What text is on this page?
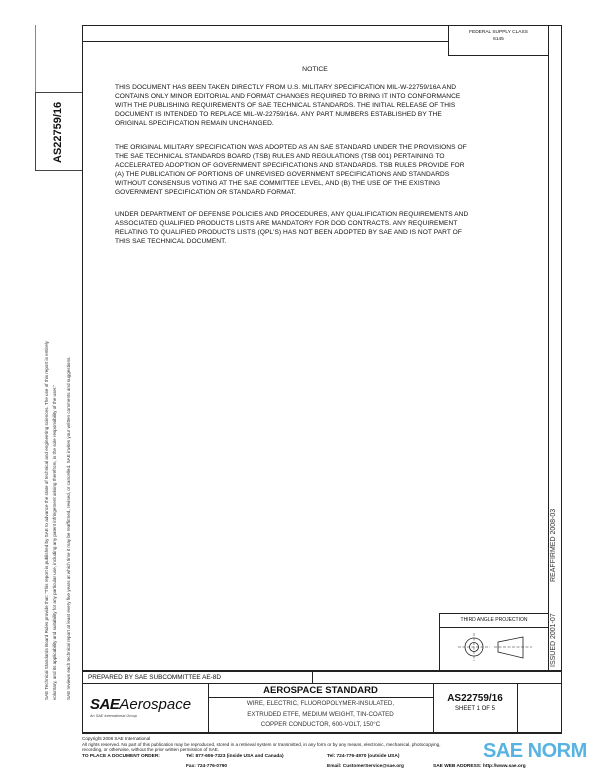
FEDERAL SUPPLY CLASS
6145
AS22759/16
SAE Technical Standards Board Rules provide that: "This report is published by SAE to advance the state of technical and engineering sciences. The use of this report is entirely voluntary, and its applicability and suitability for any particular use, including any patent infringement arising therefrom, is the sole responsibility of the user." SAE reviews each technical report at least every five years at which time it may be reaffirmed, revised, or cancelled. SAE invites your written comments and suggestions.	REAFFIRMED 2008-03
ISSUED 2001-07
NOTICE
THIS DOCUMENT HAS BEEN TAKEN DIRECTLY FROM U.S. MILITARY SPECIFICATION MIL-W-22759/16A AND
CONTAINS ONLY MINOR EDITORIAL AND FORMAT CHANGES REQUIRED TO BRING IT INTO CONFORMANCE
WITH THE PUBLISHING REQUIREMENTS OF SAE TECHNICAL STANDARDS. THE INITIAL RELEASE OF THIS
DOCUMENT IS INTENDED TO REPLACE MIL-W-22759/16A. ANY PART NUMBERS ESTABLISHED BY THE
ORIGINAL SPECIFICATION REMAIN UNCHANGED.
THE ORIGINAL MILITARY SPECIFICATION WAS ADOPTED AS AN SAE STANDARD UNDER THE PROVISIONS OF
THE SAE TECHNICAL STANDARDS BOARD (TSB) RULES AND REGULATIONS (TSB 001) PERTAINING TO
ACCELERATED ADOPTION OF GOVERNMENT SPECIFICATIONS AND STANDARDS. TSB RULES PROVIDE FOR
(A) THE PUBLICATION OF PORTIONS OF UNREVISED GOVERNMENT SPECIFICATIONS AND STANDARDS
WITHOUT CONSENSUS VOTING AT THE SAE COMMITTEE LEVEL, AND (B) THE USE OF THE EXISTING
GOVERNMENT SPECIFICATION OR STANDARD FORMAT.
UNDER DEPARTMENT OF DEFENSE POLICIES AND PROCEDURES, ANY QUALIFICATION REQUIREMENTS AND
ASSOCIATED QUALIFIED PRODUCTS LISTS ARE MANDATORY FOR DOD CONTRACTS. ANY REQUIREMENT
RELATING TO QUALIFIED PRODUCTS LISTS (QPL'S) HAS NOT BEEN ADOPTED BY SAE AND IS NOT PART OF
THIS SAE TECHNICAL DOCUMENT.
THIRD ANGLE PROJECTION
PREPARED BY SAE SUBCOMMITTEE AE-8D
SAEAerospace
An SAE International Group
AEROSPACE STANDARD
WIRE, ELECTRIC, FLUOROPOLYMER-INSULATED,
EXTRUDED ETFE, MEDIUM WEIGHT, TIN-COATED
COPPER CONDUCTOR, 600-VOLT, 150°C
AS22759/16
SHEET 1 OF 5
Copyright 2008 SAE International
All rights reserved. No part of this publication may be reproduced, stored in a retrieval system or transmitted, in any form or by any means, electronic, mechanical, photocopying,
recording, or otherwise, without the prior written permission of SAE.
TO PLACE A DOCUMENT ORDER:	Tel: 877-606-7323 (inside USA and Canada)
Fax: 724-776-0790
Tel: 724-776-4970 (outside USA)
Email: CustomerService@sae.org	SAE WEB ADDRESS: http://www.sae.org
SAE NORM
